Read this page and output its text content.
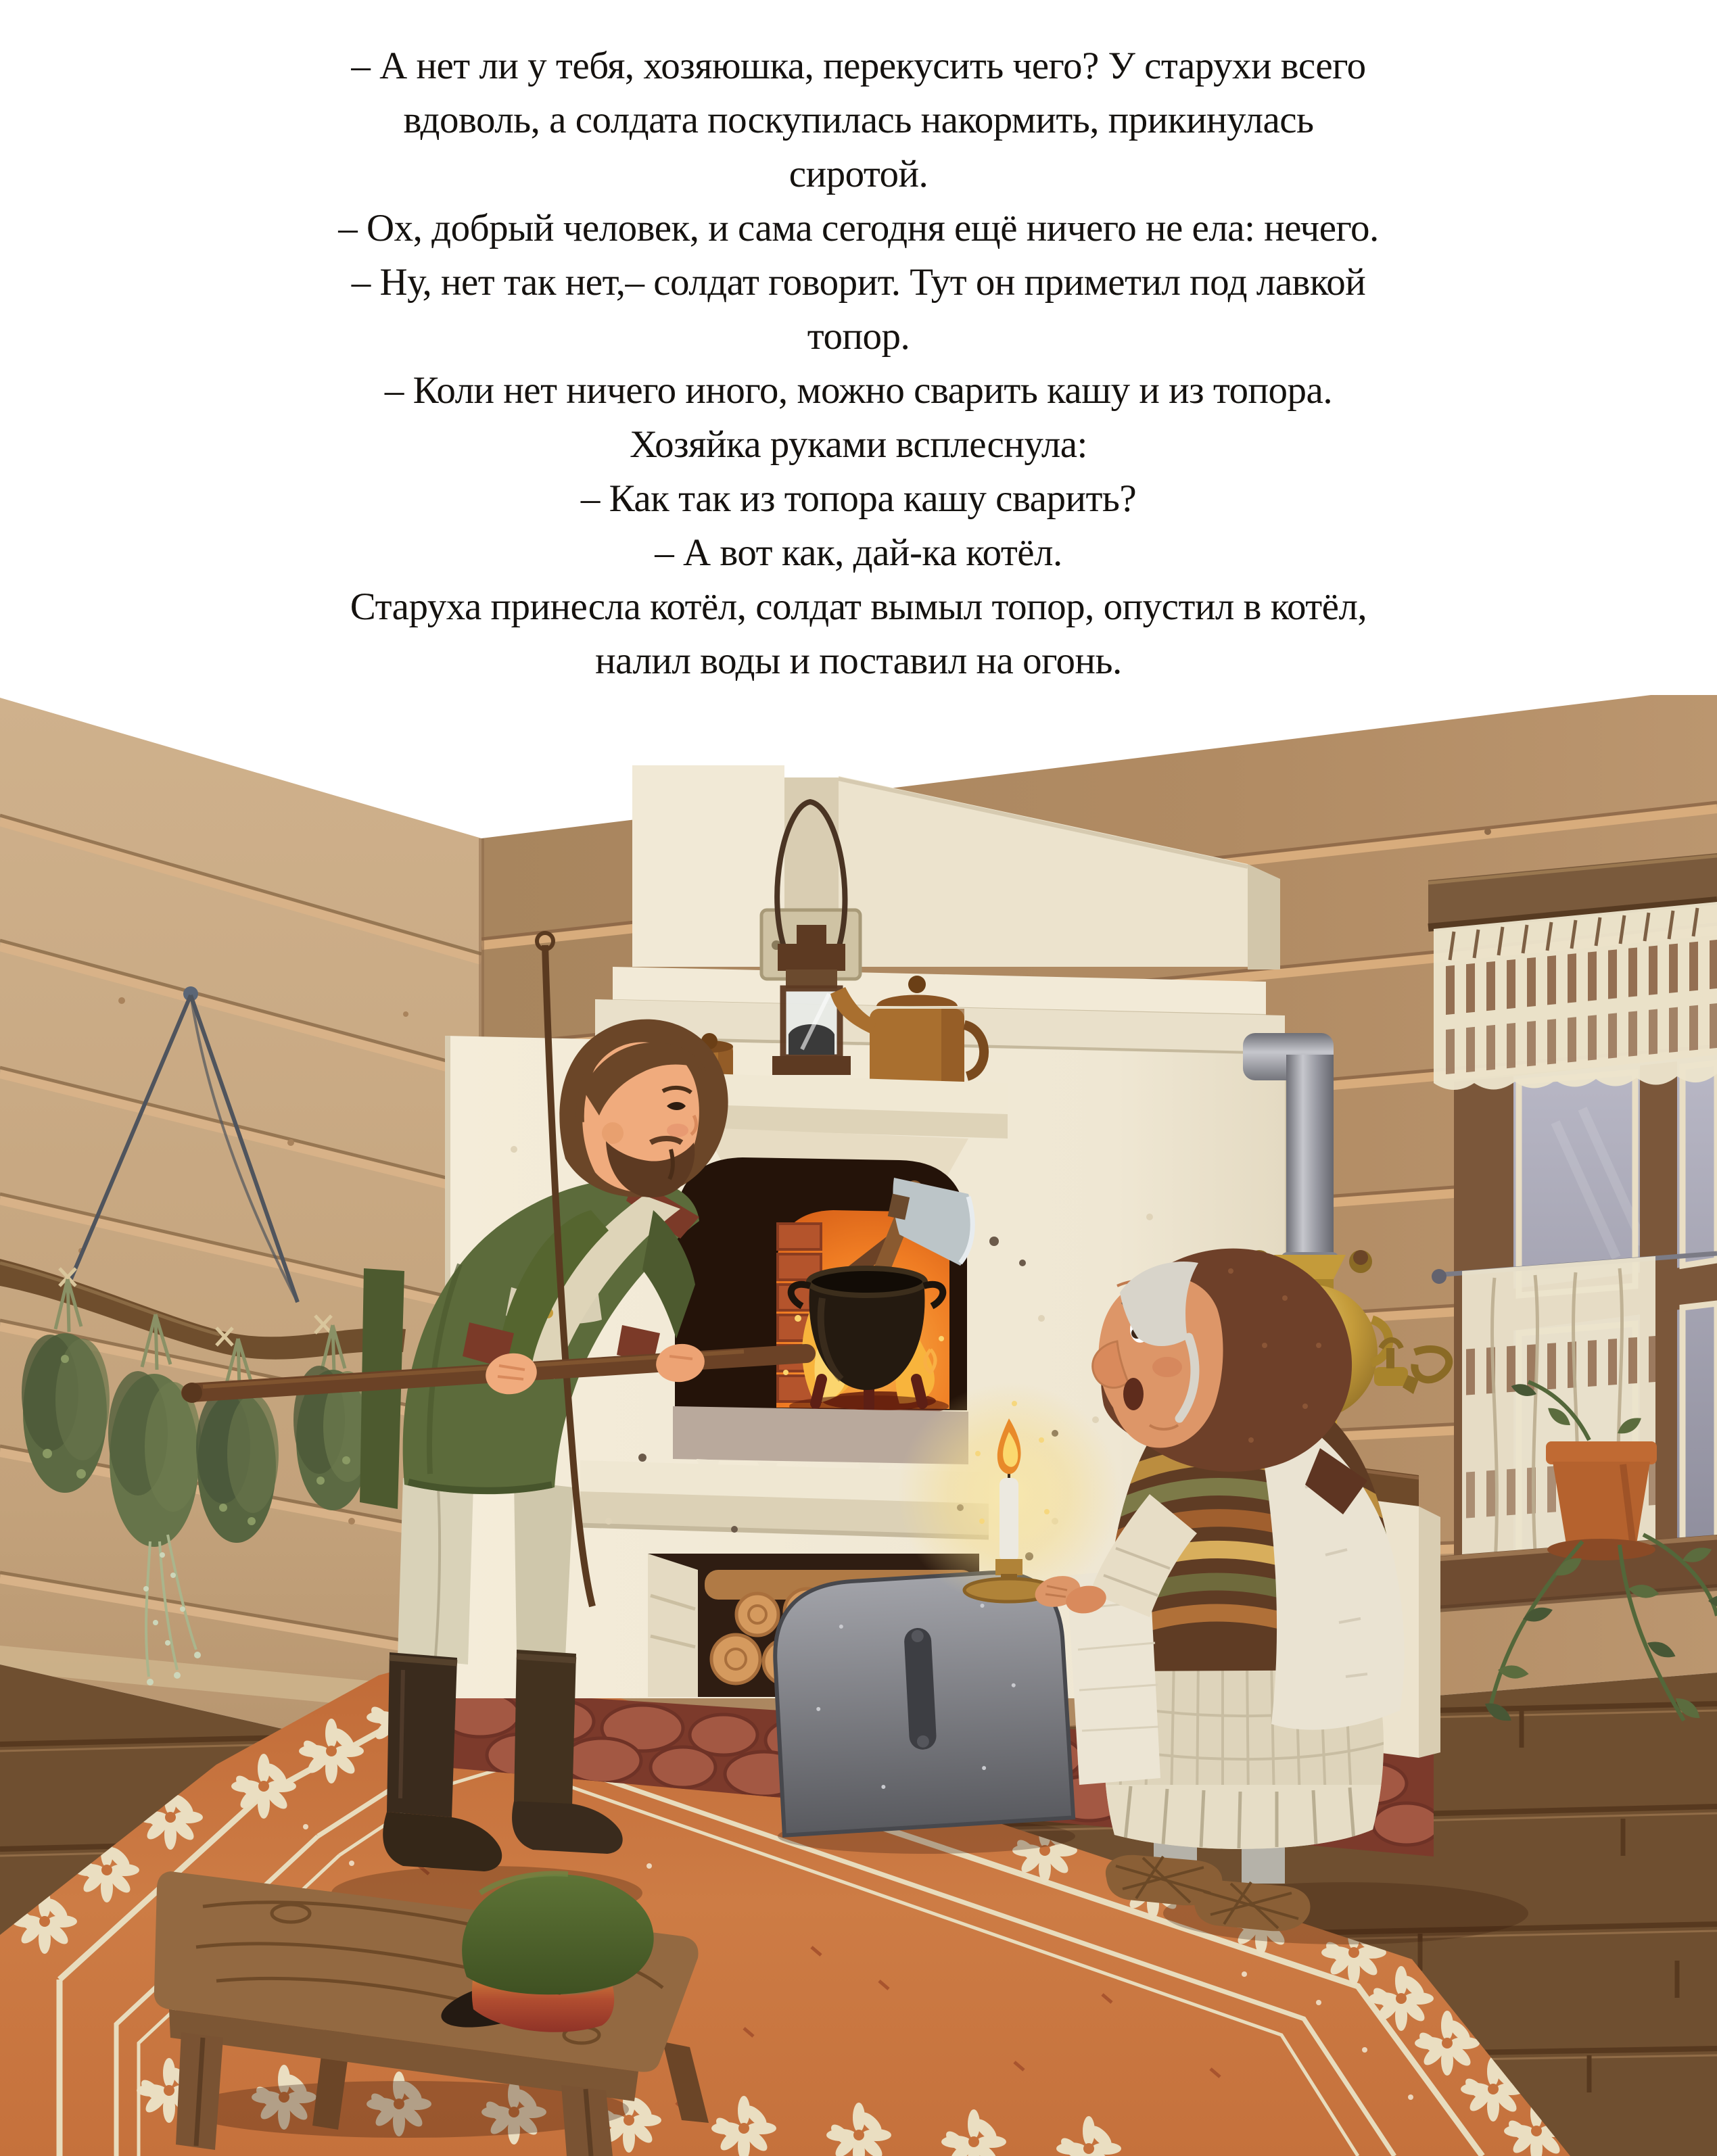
– А нет ли у тебя, хозяюшка, перекусить чего? У старухи всего
вдоволь, а солдата поскупилась накормить, прикинулась
сиротой.
– Ох, добрый человек, и сама сегодня ещё ничего не ела: нечего.
– Ну, нет так нет,– солдат говорит. Тут он приметил под лавкой
топор.
– Коли нет ничего иного, можно сварить кашу и из топора.
Хозяйка руками всплеснула:
– Как так из топора кашу сварить?
– А вот как, дай-ка котёл.
Старуха принесла котёл, солдат вымыл топор, опустил в котёл,
налил воды и поставил на огонь.
